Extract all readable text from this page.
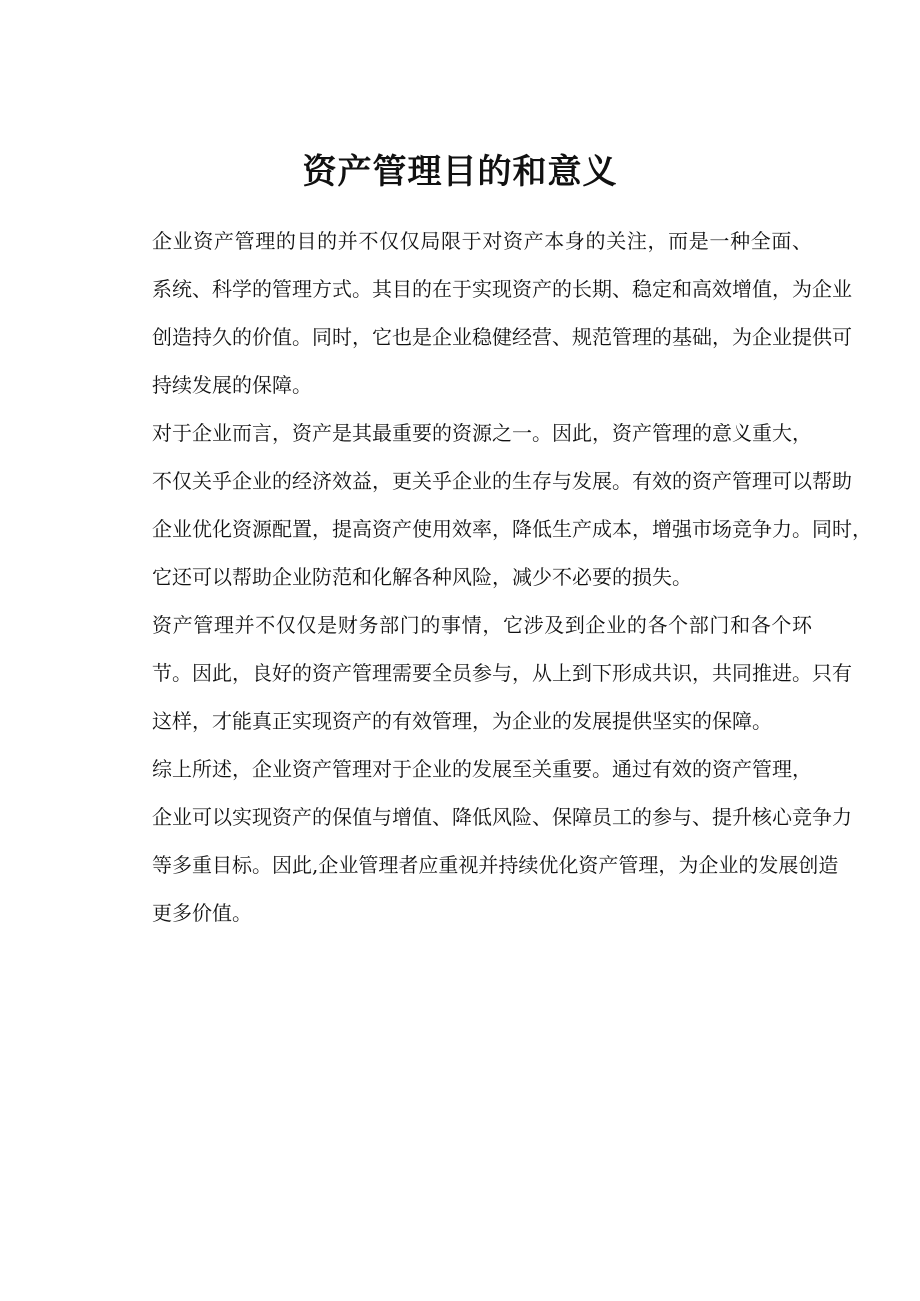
资产管理目的和意义

企业资产管理的目的并不仅仅局限于对资产本身的关注，而是一种全面、
系统、科学的管理方式。其目的在于实现资产的长期、稳定和高效增值，为企业
创造持久的价值。同时，它也是企业稳健经营、规范管理的基础，为企业提供可
持续发展的保障。

对于企业而言，资产是其最重要的资源之一。因此，资产管理的意义重大，
不仅关乎企业的经济效益，更关乎企业的生存与发展。有效的资产管理可以帮助
企业优化资源配置，提高资产使用效率，降低生产成本，增强市场竞争力。同时，
它还可以帮助企业防范和化解各种风险，减少不必要的损失。

资产管理并不仅仅是财务部门的事情，它涉及到企业的各个部门和各个环
节。因此，良好的资产管理需要全员参与，从上到下形成共识，共同推进。只有
这样，才能真正实现资产的有效管理，为企业的发展提供坚实的保障。

综上所述，企业资产管理对于企业的发展至关重要。通过有效的资产管理，
企业可以实现资产的保值与增值、降低风险、保障员工的参与、提升核心竞争力
等多重目标。因此,企业管理者应重视并持续优化资产管理，为企业的发展创造
更多价值。
